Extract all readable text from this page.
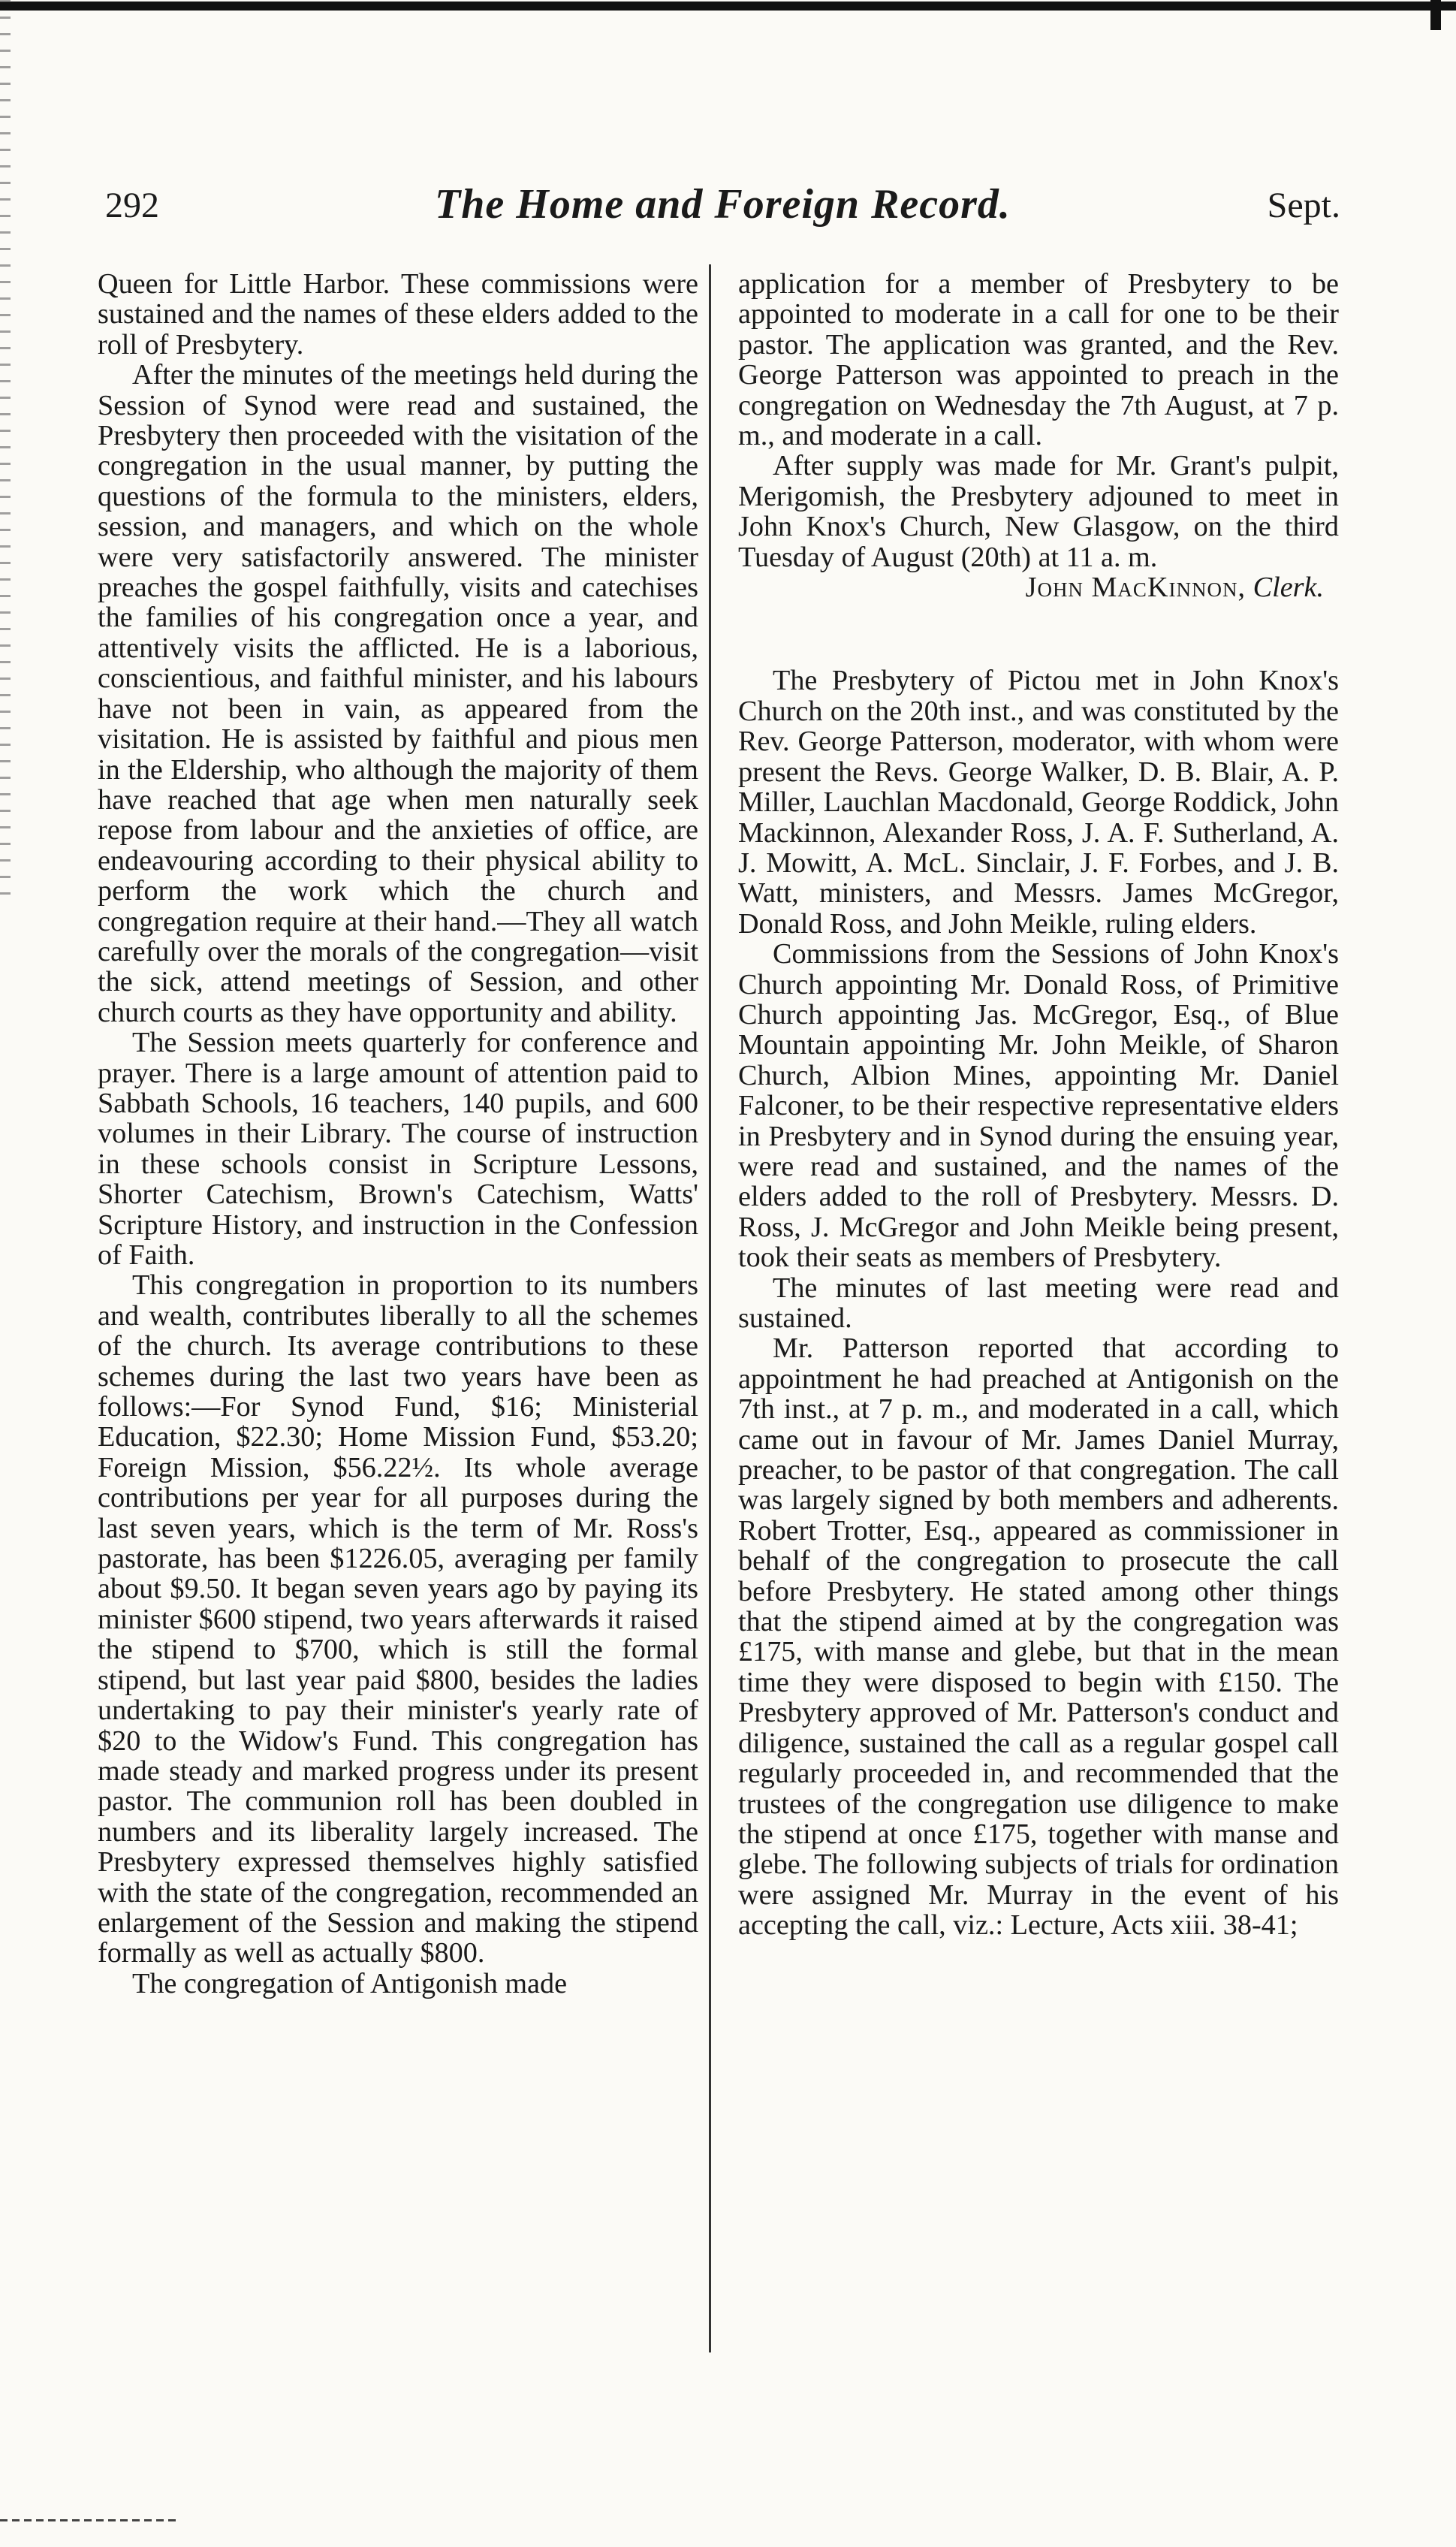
292	The Home and Foreign Record.	Sept.

Queen for Little Harbor. These commissions were sustained and the names of these elders added to the roll of Presbytery.

After the minutes of the meetings held during the Session of Synod were read and sustained, the Presbytery then proceeded with the visitation of the congregation in the usual manner, by putting the questions of the formula to the ministers, elders, session, and managers, and which on the whole were very satisfactorily answered. The minister preaches the gospel faithfully, visits and catechises the families of his congregation once a year, and attentively visits the afflicted. He is a laborious, conscientious, and faithful minister, and his labours have not been in vain, as appeared from the visitation. He is assisted by faithful and pious men in the Eldership, who although the majority of them have reached that age when men naturally seek repose from labour and the anxieties of office, are endeavouring according to their physical ability to perform the work which the church and congregation require at their hand.—They all watch carefully over the morals of the congregation—visit the sick, attend meetings of Session, and other church courts as they have opportunity and ability.

The Session meets quarterly for conference and prayer. There is a large amount of attention paid to Sabbath Schools, 16 teachers, 140 pupils, and 600 volumes in their Library. The course of instruction in these schools consist in Scripture Lessons, Shorter Catechism, Brown's Catechism, Watts' Scripture History, and instruction in the Confession of Faith.

This congregation in proportion to its numbers and wealth, contributes liberally to all the schemes of the church. Its average contributions to these schemes during the last two years have been as follows:—For Synod Fund, $16; Ministerial Education, $22.30; Home Mission Fund, $53.20; Foreign Mission, $56.22½. Its whole average contributions per year for all purposes during the last seven years, which is the term of Mr. Ross's pastorate, has been $1226.05, averaging per family about $9.50. It began seven years ago by paying its minister $600 stipend, two years afterwards it raised the stipend to $700, which is still the formal stipend, but last year paid $800, besides the ladies undertaking to pay their minister's yearly rate of $20 to the Widow's Fund. This congregation has made steady and marked progress under its present pastor. The communion roll has been doubled in numbers and its liberality largely increased. The Presbytery expressed themselves highly satisfied with the state of the congregation, recommended an enlargement of the Session and making the stipend formally as well as actually $800.

The congregation of Antigonish made

application for a member of Presbytery to be appointed to moderate in a call for one to be their pastor. The application was granted, and the Rev. George Patterson was appointed to preach in the congregation on Wednesday the 7th August, at 7 p. m., and moderate in a call.

After supply was made for Mr. Grant's pulpit, Merigomish, the Presbytery adjouned to meet in John Knox's Church, New Glasgow, on the third Tuesday of August (20th) at 11 a. m.

John MacKinnon, Clerk.

The Presbytery of Pictou met in John Knox's Church on the 20th inst., and was constituted by the Rev. George Patterson, moderator, with whom were present the Revs. George Walker, D. B. Blair, A. P. Miller, Lauchlan Macdonald, George Roddick, John Mackinnon, Alexander Ross, J. A. F. Sutherland, A. J. Mowitt, A. McL. Sinclair, J. F. Forbes, and J. B. Watt, ministers, and Messrs. James McGregor, Donald Ross, and John Meikle, ruling elders.

Commissions from the Sessions of John Knox's Church appointing Mr. Donald Ross, of Primitive Church appointing Jas. McGregor, Esq., of Blue Mountain appointing Mr. John Meikle, of Sharon Church, Albion Mines, appointing Mr. Daniel Falconer, to be their respective representative elders in Presbytery and in Synod during the ensuing year, were read and sustained, and the names of the elders added to the roll of Presbytery. Messrs. D. Ross, J. McGregor and John Meikle being present, took their seats as members of Presbytery.

The minutes of last meeting were read and sustained.

Mr. Patterson reported that according to appointment he had preached at Antigonish on the 7th inst., at 7 p. m., and moderated in a call, which came out in favour of Mr. James Daniel Murray, preacher, to be pastor of that congregation. The call was largely signed by both members and adherents. Robert Trotter, Esq., appeared as commissioner in behalf of the congregation to prosecute the call before Presbytery. He stated among other things that the stipend aimed at by the congregation was £175, with manse and glebe, but that in the mean time they were disposed to begin with £150. The Presbytery approved of Mr. Patterson's conduct and diligence, sustained the call as a regular gospel call regularly proceeded in, and recommended that the trustees of the congregation use diligence to make the stipend at once £175, together with manse and glebe. The following subjects of trials for ordination were assigned Mr. Murray in the event of his accepting the call, viz.: Lecture, Acts xiii. 38-41;
